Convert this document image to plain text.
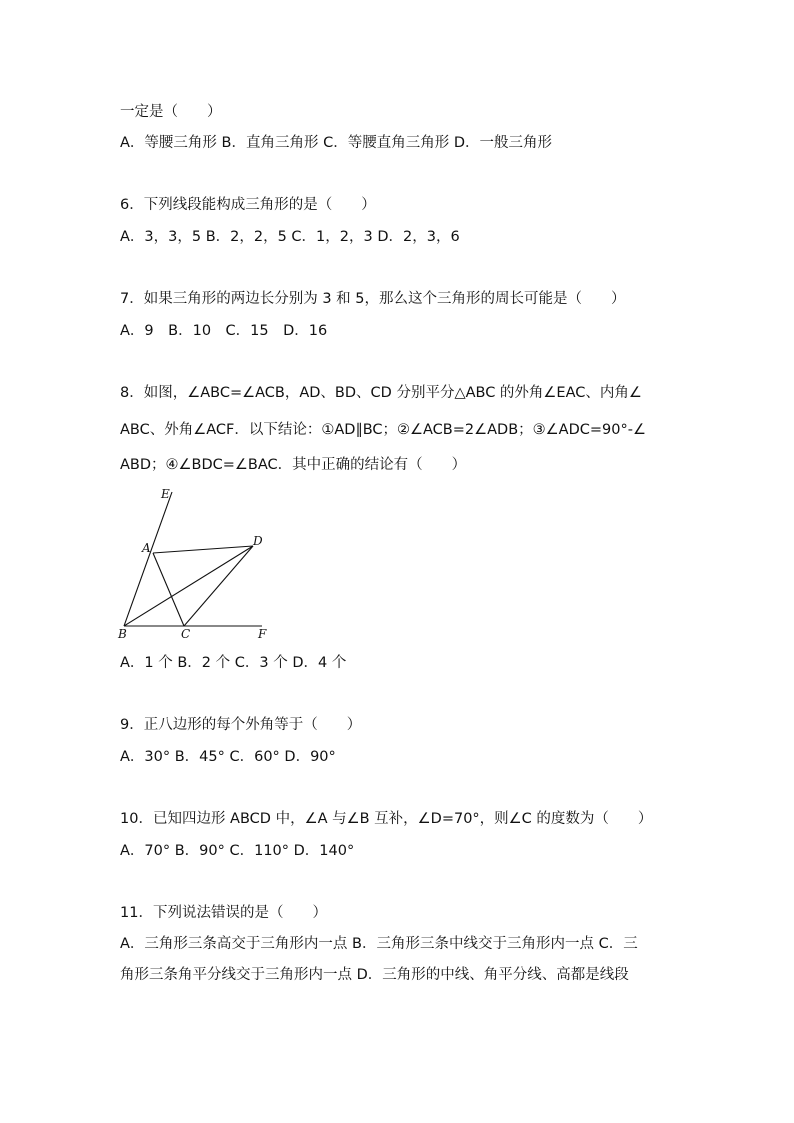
一定是（　　）
A．等腰三角形 B．直角三角形 C．等腰直角三角形 D．一般三角形
6．下列线段能构成三角形的是（　　）
A．3，3，5 B．2，2，5 C．1，2，3 D．2，3，6
7．如果三角形的两边长分别为 3 和 5，那么这个三角形的周长可能是（　　）
A．9　B．10　C．15　D．16
8．如图，∠ABC=∠ACB，AD、BD、CD 分别平分△ABC 的外角∠EAC、内角∠
ABC、外角∠ACF．以下结论：①AD∥BC；②∠ACB=2∠ADB；③∠ADC=90°-∠
ABD；④∠BDC=∠BAC．其中正确的结论有（　　）
E
A	D
B	C	F
A．1 个 B．2 个 C．3 个 D．4 个
9．正八边形的每个外角等于（　　）
A．30° B．45° C．60° D．90°
10．已知四边形 ABCD 中，∠A 与∠B 互补，∠D=70°，则∠C 的度数为（　　）
A．70° B．90° C．110° D．140°
11．下列说法错误的是（　　）
A．三角形三条高交于三角形内一点 B．三角形三条中线交于三角形内一点 C．三
角形三条角平分线交于三角形内一点 D．三角形的中线、角平分线、高都是线段
